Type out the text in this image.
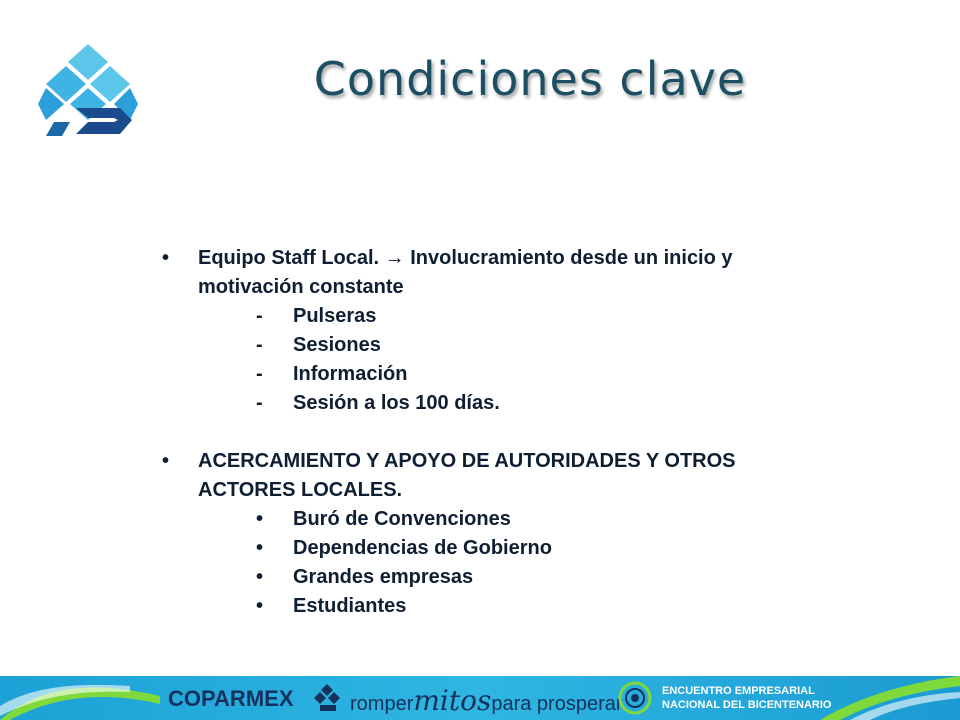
Condiciones clave
• Equipo Staff Local. → Involucramiento desde un inicio y
motivación constante
- Pulseras
- Sesiones
- Información
- Sesión a los 100 días.
• ACERCAMIENTO Y APOYO DE AUTORIDADES Y OTROS
ACTORES LOCALES.
• Buró de Convenciones
• Dependencias de Gobierno
• Grandes empresas
• Estudiantes
COPARMEX	rompermitospara prosperar
ENCUENTRO EMPRESARIAL
NACIONAL DEL BICENTENARIO
